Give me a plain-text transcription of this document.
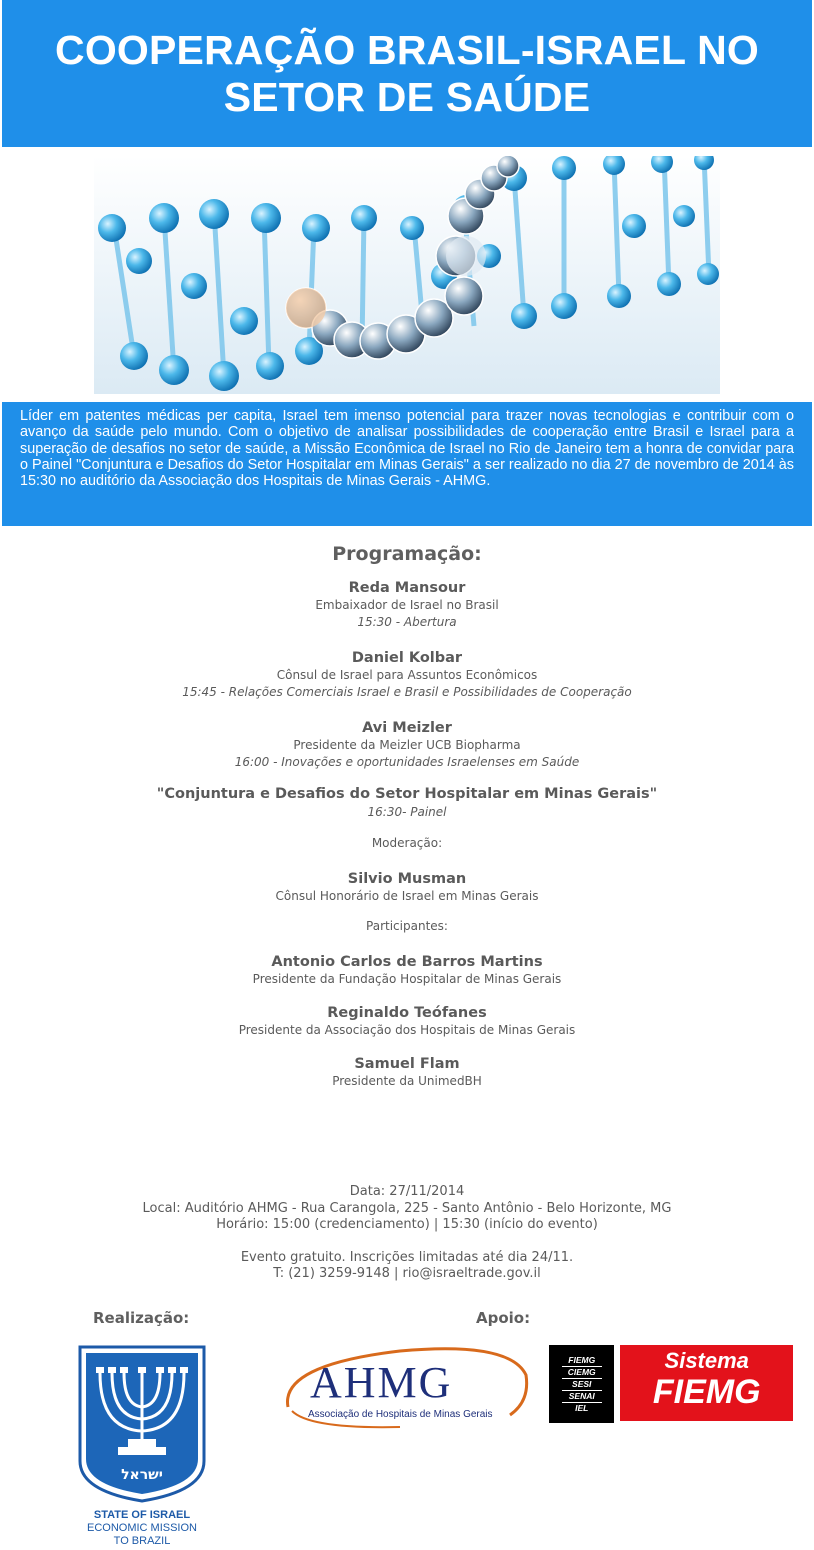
COOPERAÇÃO BRASIL-ISRAEL NO SETOR DE SAÚDE
Líder em patentes médicas per capita, Israel tem imenso potencial para trazer novas tecnologias e contribuir com o avanço da saúde pelo mundo. Com o objetivo de analisar possibilidades de cooperação entre Brasil e Israel para a superação de desafios no setor de saúde, a Missão Econômica de Israel no Rio de Janeiro tem a honra de convidar para o Painel "Conjuntura e Desafios do Setor Hospitalar em Minas Gerais" a ser realizado no dia 27 de novembro de 2014 às 15:30 no auditório da Associação dos Hospitais de Minas Gerais - AHMG.
Programação:
Reda Mansour
Embaixador de Israel no Brasil
15:30 - Abertura
Daniel Kolbar
Cônsul de Israel para Assuntos Econômicos
15:45 - Relações Comerciais Israel e Brasil e Possibilidades de Cooperação
Avi Meizler
Presidente da Meizler UCB Biopharma
16:00 - Inovações e oportunidades Israelenses em Saúde
"Conjuntura e Desafios do Setor Hospitalar em Minas Gerais"
16:30- Painel
Moderação:
Silvio Musman
Cônsul Honorário de Israel em Minas Gerais
Participantes:
Antonio Carlos de Barros Martins
Presidente da Fundação Hospitalar de Minas Gerais
Reginaldo Teófanes
Presidente da Associação dos Hospitais de Minas Gerais
Samuel Flam
Presidente da UnimedBH

Data: 27/11/2014

Local: Auditório AHMG - Rua Carangola, 225 - Santo Antônio - Belo Horizonte, MG

Horário: 15:00 (credenciamento) | 15:30 (início do evento)

Evento gratuito. Inscrições limitadas até dia 24/11.

T: (21) 3259-9148 | rio@israeltrade.gov.il

Realização:	Apoio:
ישראל
STATE OF ISRAEL
ECONOMIC MISSION
TO BRAZIL
AHMG
Associação de Hospitais de Minas Gerais
FIEMG
CIEMG
SESI
SENAI
IEL
Sistema
FIEMG
